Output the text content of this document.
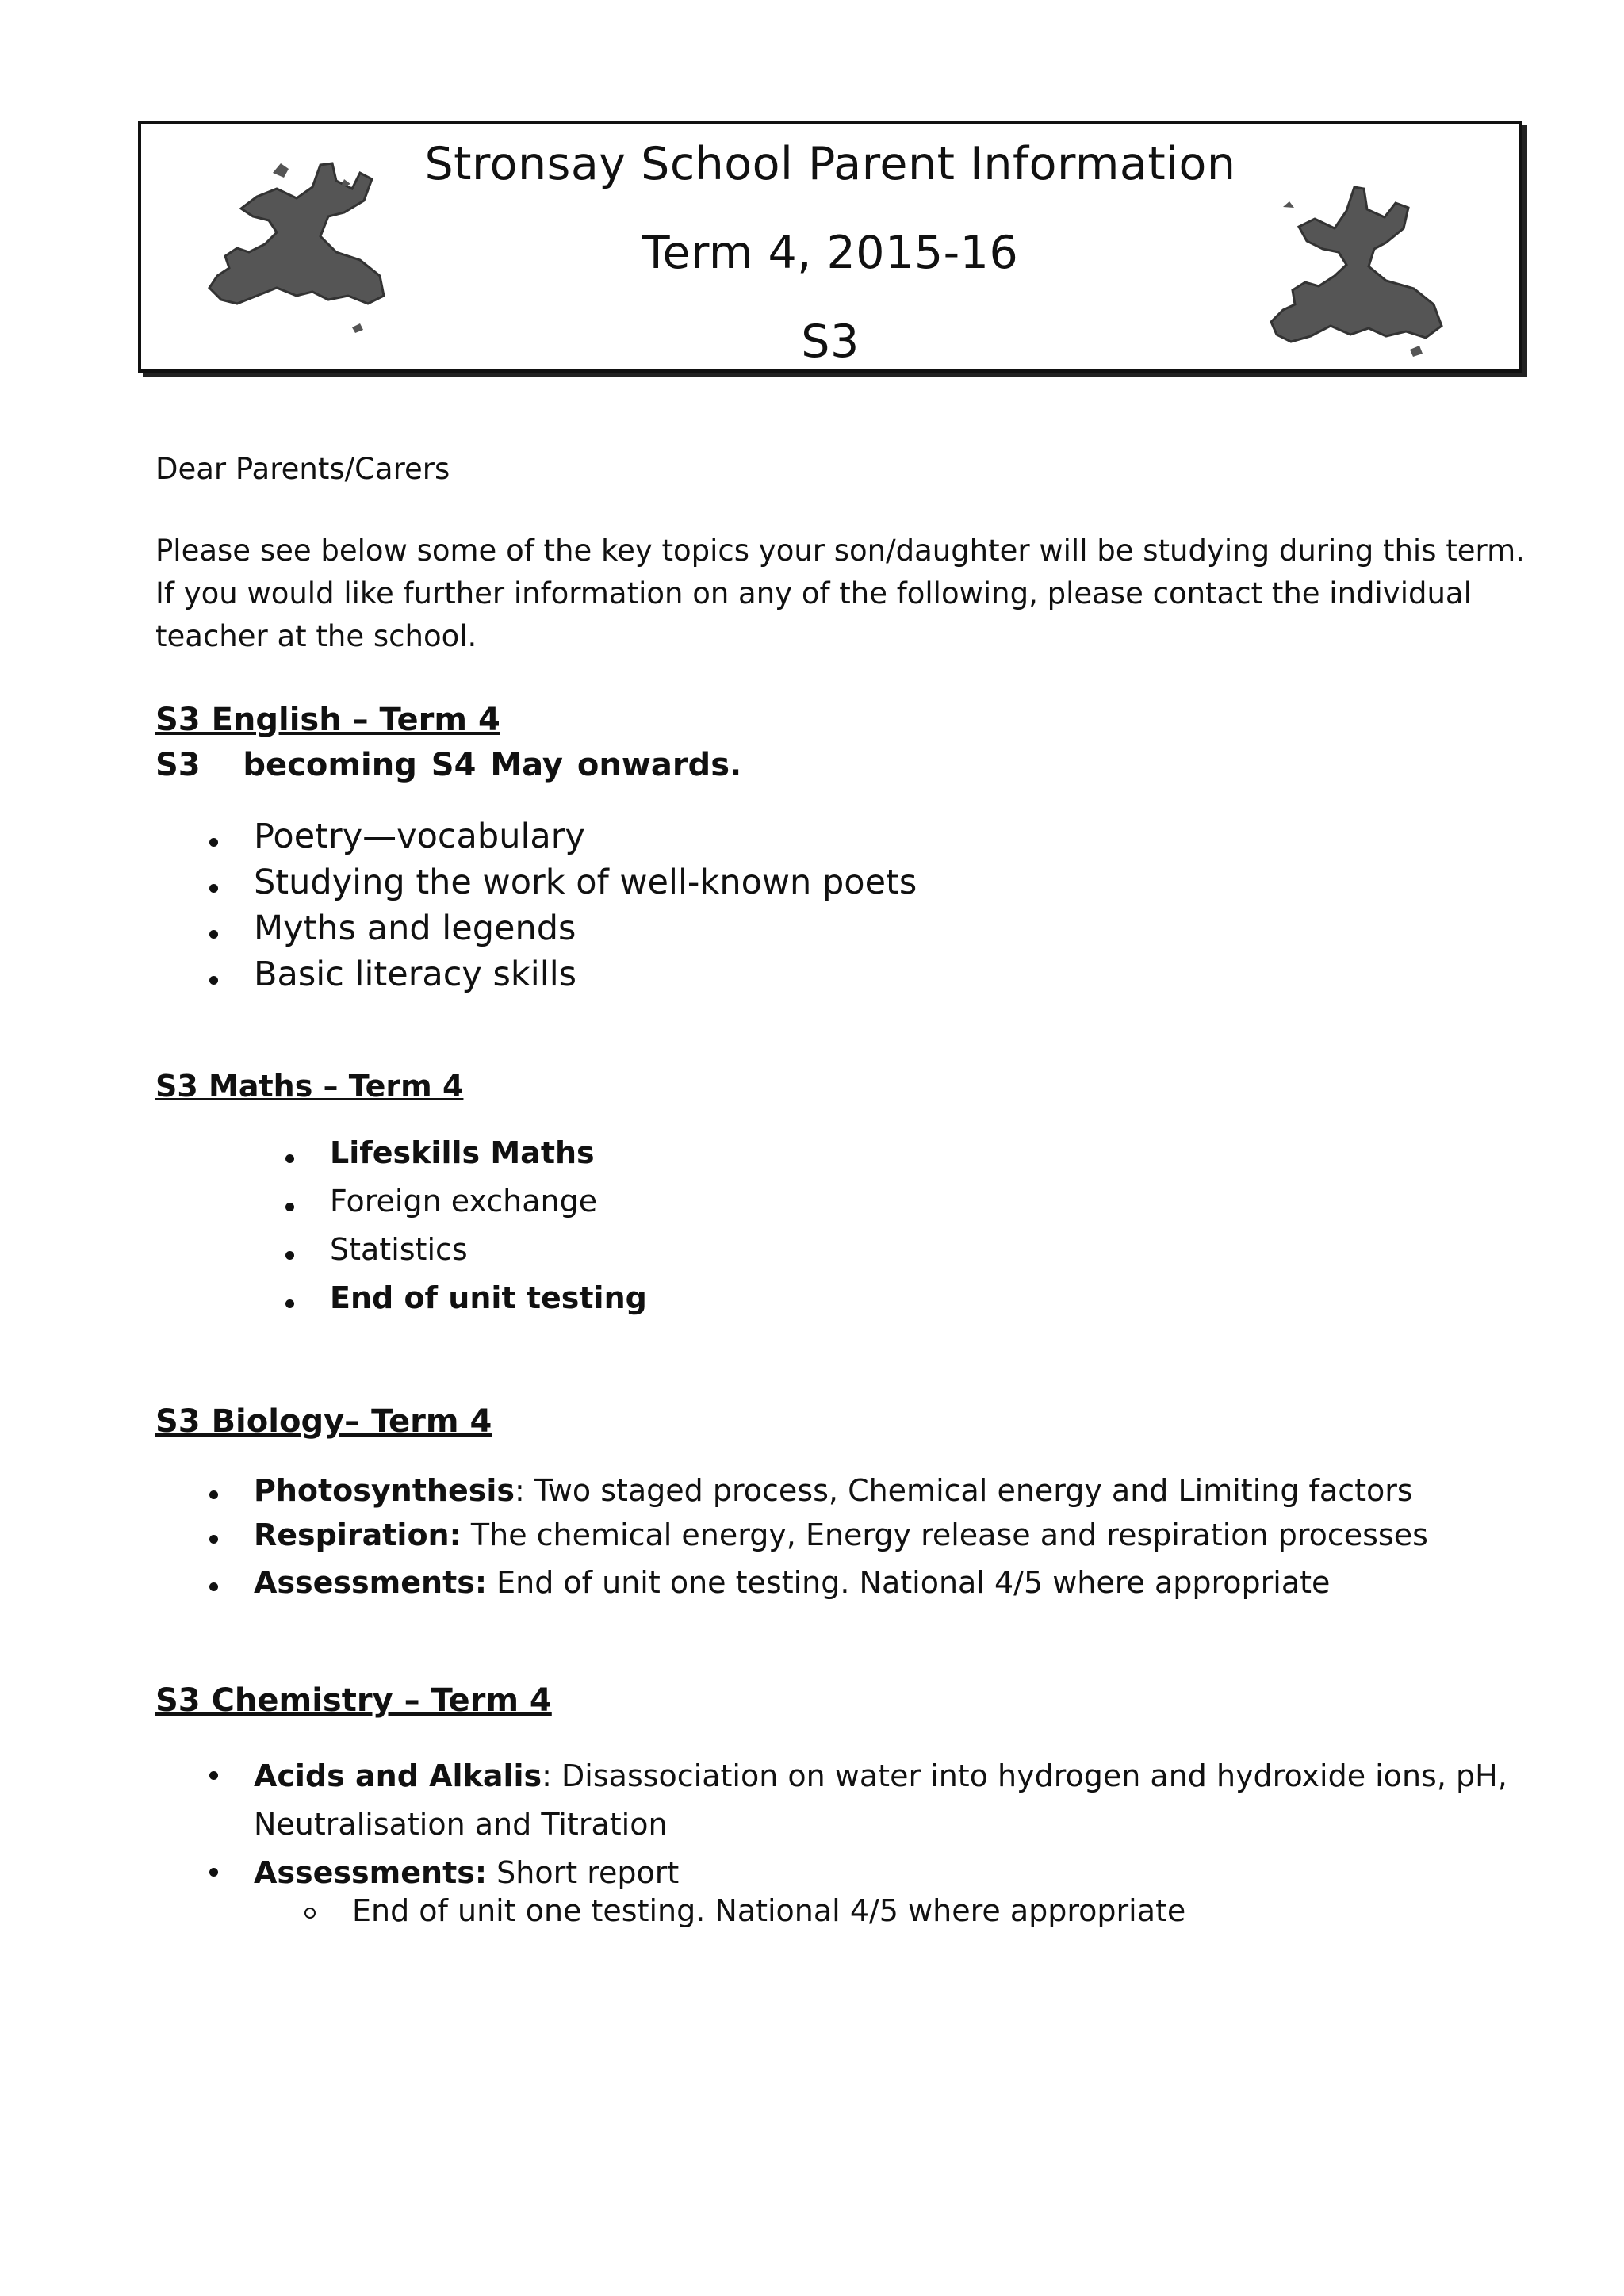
Stronsay School Parent Information
Term 4, 2015-16
S3
Dear Parents/Carers
Please see below some of the key topics your son/daughter will be studying during this term.
If you would like further information on any of the following, please contact the individual
teacher at the school.
S3 English – Term 4
S3   becoming S4 May onwards.
Poetry—vocabulary
Studying the work of well-known poets
Myths and legends
Basic literacy skills
S3 Maths – Term 4
Lifeskills Maths
Foreign exchange
Statistics
End of unit testing
S3 Biology– Term 4
Photosynthesis: Two staged process, Chemical energy and Limiting factors
Respiration: The chemical energy, Energy release and respiration processes
Assessments: End of unit one testing. National 4/5 where appropriate
S3 Chemistry – Term 4
Acids and Alkalis: Disassociation on water into hydrogen and hydroxide ions, pH,
Neutralisation and Titration
Assessments: Short report
End of unit one testing. National 4/5 where appropriate
